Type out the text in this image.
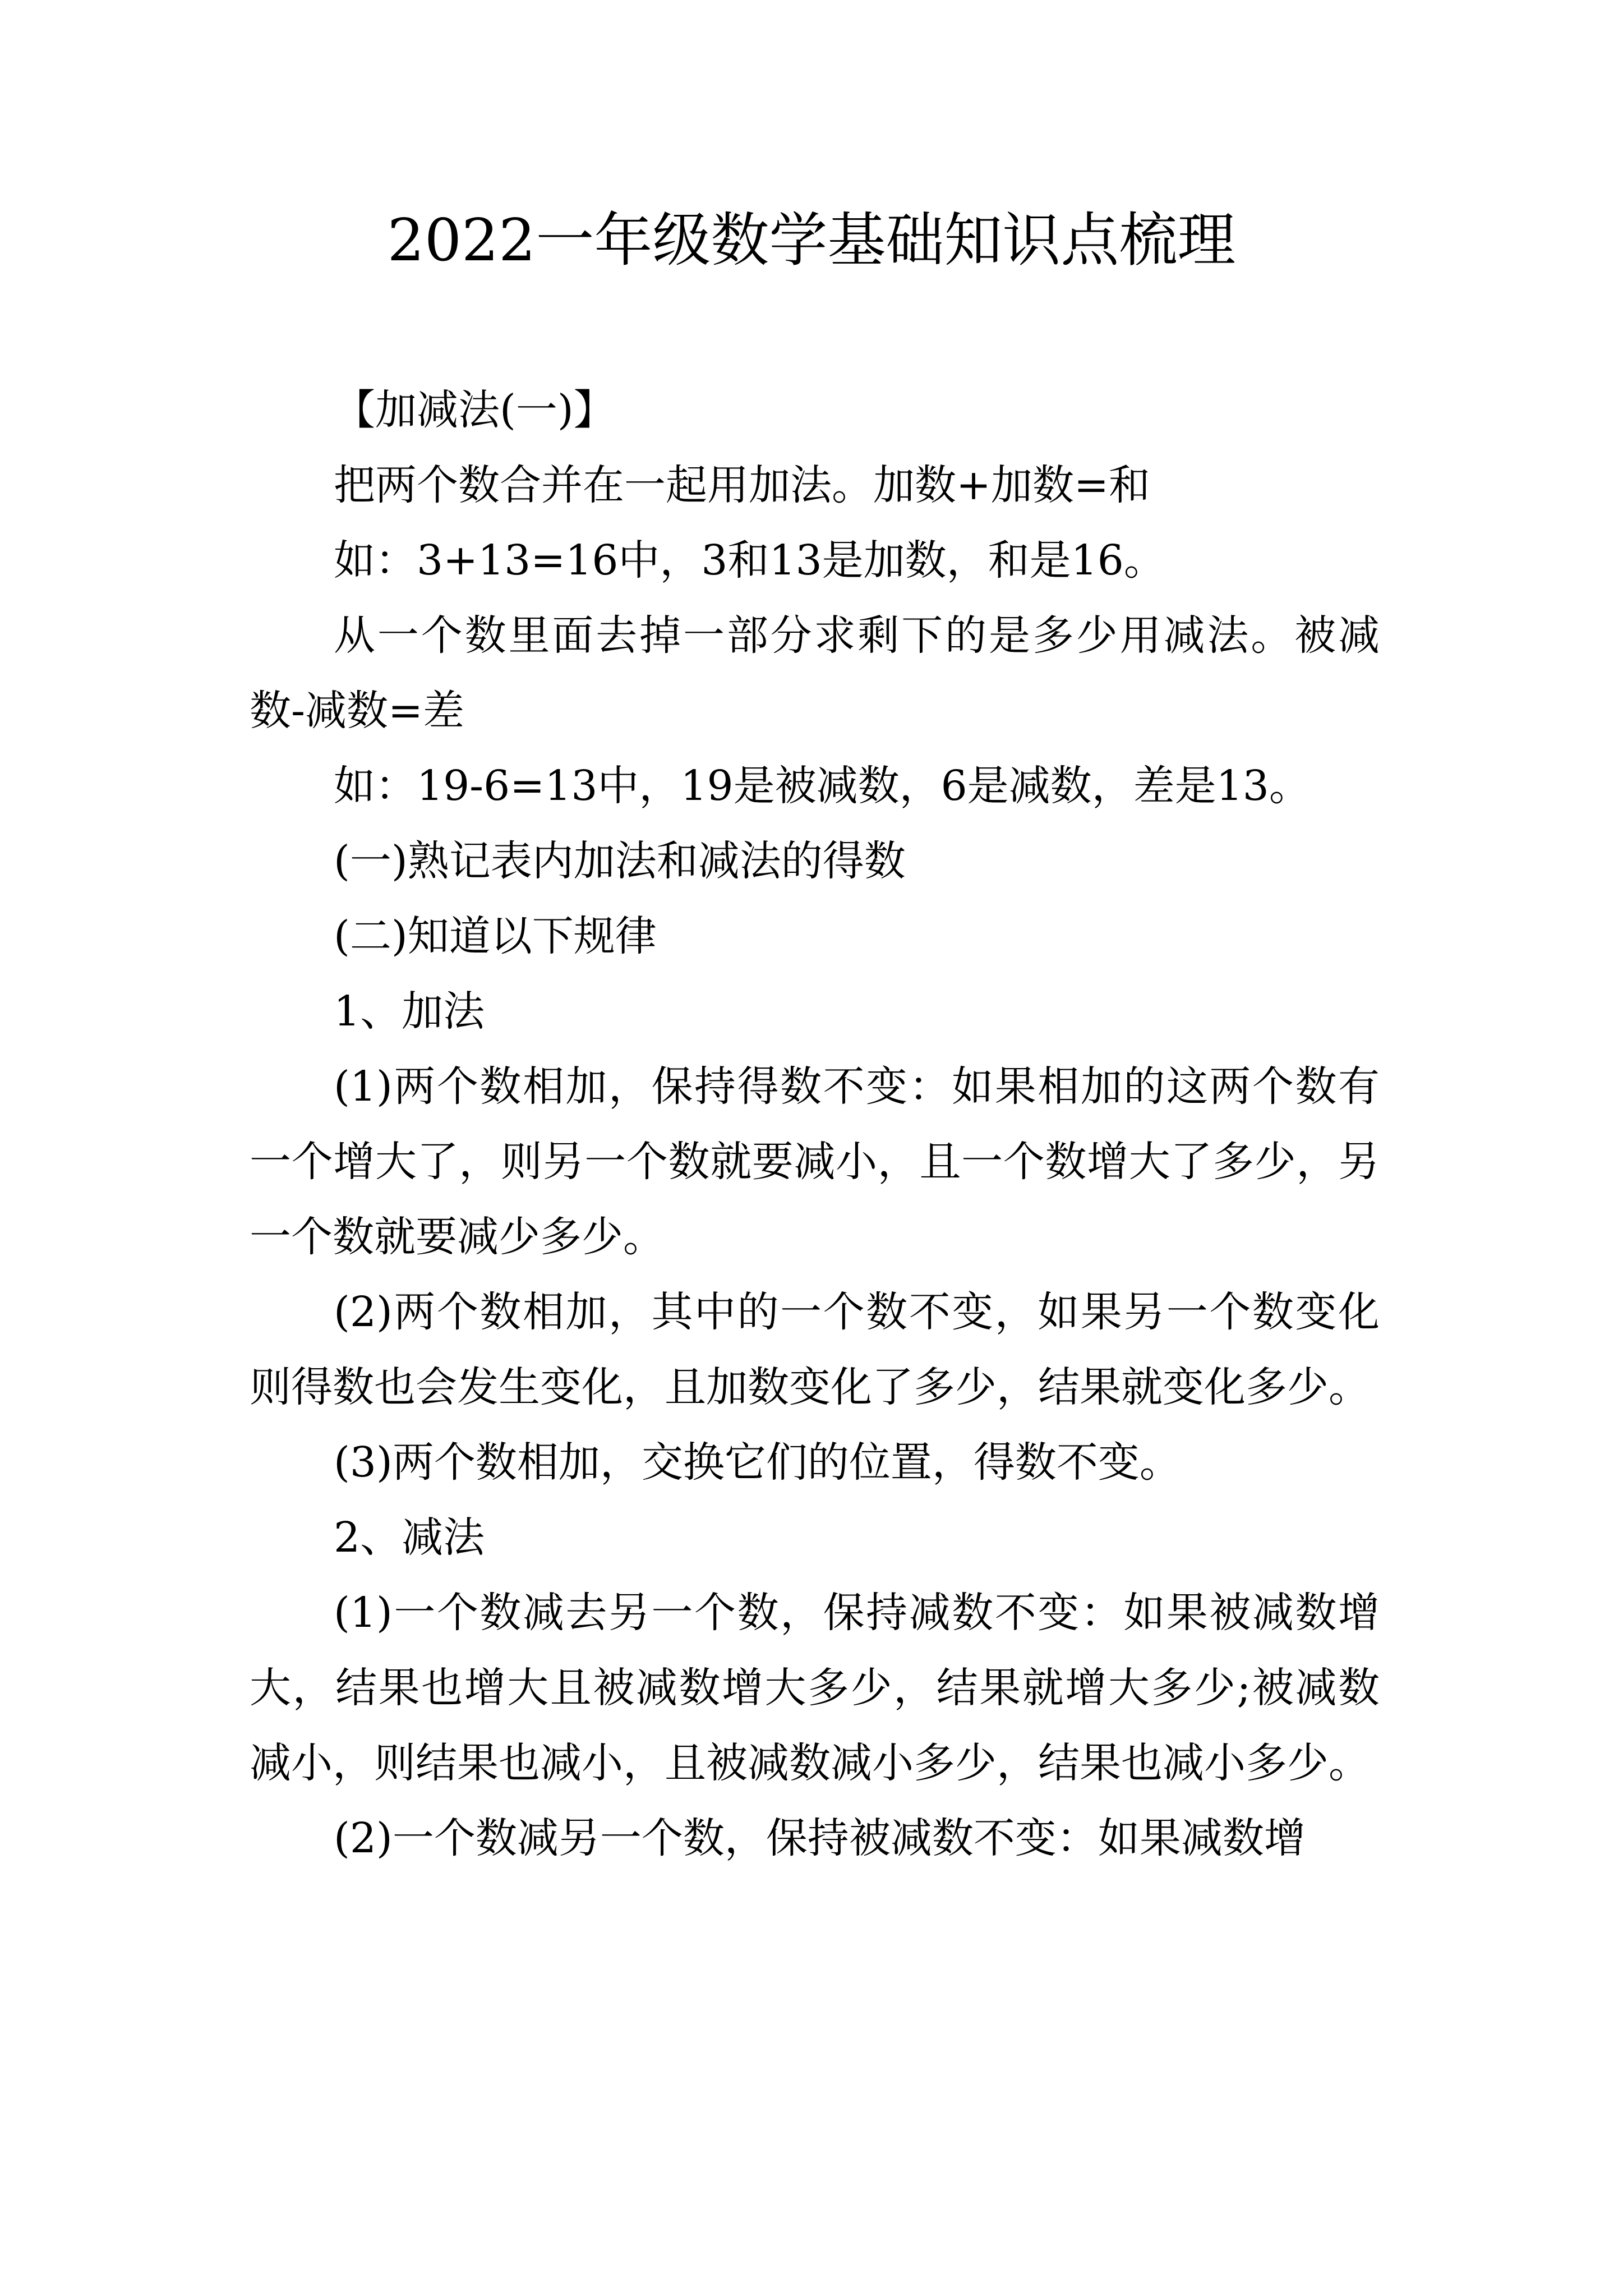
2022一年级数学基础知识点梳理

【加减法(一)】

把两个数合并在一起用加法。加数+加数=和

如：3+13=16中，3和13是加数，和是16。

从一个数里面去掉一部分求剩下的是多少用减法。被减数-减数=差

如：19-6=13中，19是被减数，6是减数，差是13。

(一)熟记表内加法和减法的得数

(二)知道以下规律

1、加法

(1)两个数相加，保持得数不变：如果相加的这两个数有一个增大了，则另一个数就要减小，且一个数增大了多少，另一个数就要减少多少。

(2)两个数相加，其中的一个数不变，如果另一个数变化则得数也会发生变化，且加数变化了多少，结果就变化多少。

(3)两个数相加，交换它们的位置，得数不变。

2、减法

(1)一个数减去另一个数，保持减数不变：如果被减数增大，结果也增大且被减数增大多少，结果就增大多少;被减数减小，则结果也减小，且被减数减小多少，结果也减小多少。

(2)一个数减另一个数，保持被减数不变：如果减数增
